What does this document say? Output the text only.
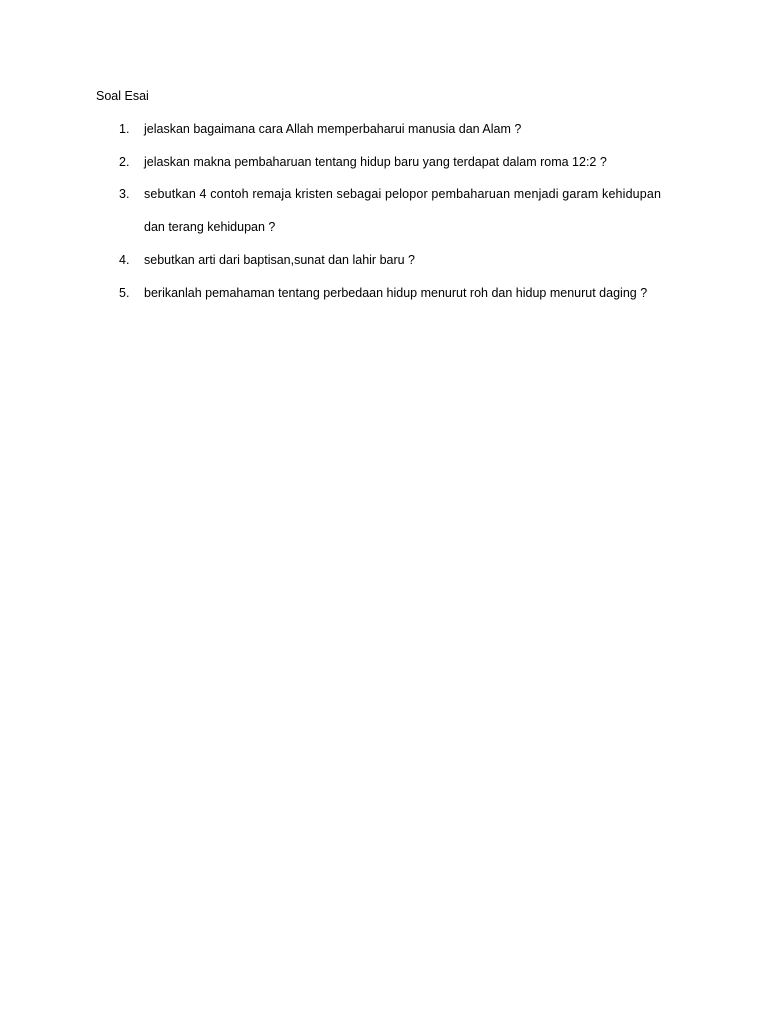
Soal Esai
1. jelaskan bagaimana cara Allah memperbaharui manusia dan Alam ?
2. jelaskan makna pembaharuan tentang hidup baru yang terdapat dalam roma 12:2 ?
3. sebutkan 4 contoh remaja kristen sebagai pelopor pembaharuan menjadi garam kehidupan
dan terang kehidupan ?
4. sebutkan arti dari baptisan,sunat dan lahir baru ?
5. berikanlah pemahaman tentang perbedaan hidup menurut roh dan hidup menurut daging ?
